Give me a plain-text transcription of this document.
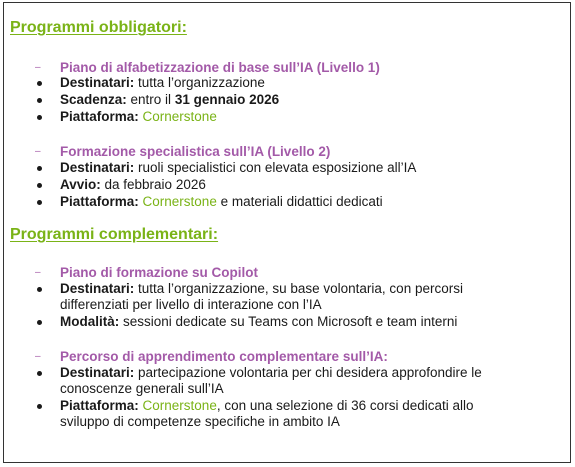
Programmi obbligatori:
– Piano di alfabetizzazione di base sull’IA (Livello 1)
Destinatari: tutta l’organizzazione
Scadenza: entro il 31 gennaio 2026
Piattaforma: Cornerstone
– Formazione specialistica sull’IA (Livello 2)
Destinatari: ruoli specialistici con elevata esposizione all’IA
Avvio: da febbraio 2026
Piattaforma: Cornerstone e materiali didattici dedicati
Programmi complementari:
– Piano di formazione su Copilot
Destinatari: tutta l’organizzazione, su base volontaria, con percorsi
differenziati per livello di interazione con l’IA
Modalità: sessioni dedicate su Teams con Microsoft e team interni
– Percorso di apprendimento complementare sull’IA:
Destinatari: partecipazione volontaria per chi desidera approfondire le
conoscenze generali sull’IA
Piattaforma: Cornerstone, con una selezione di 36 corsi dedicati allo
sviluppo di competenze specifiche in ambito IA
